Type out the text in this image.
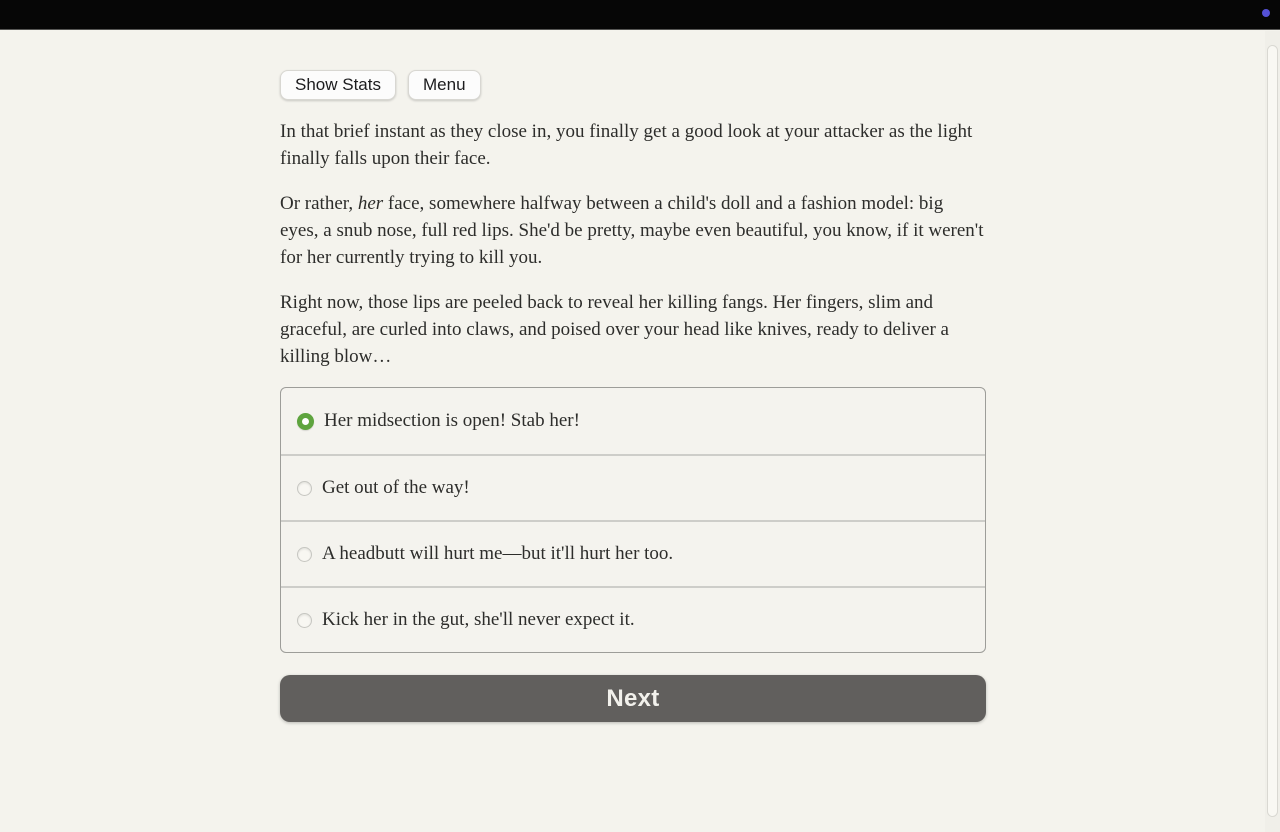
Show Stats	Menu

In that brief instant as they close in, you finally get a good look at your attacker as the light finally falls upon their face.

Or rather, her face, somewhere halfway between a child's doll and a fashion model: big eyes, a snub nose, full red lips. She'd be pretty, maybe even beautiful, you know, if it weren't for her currently trying to kill you.

Right now, those lips are peeled back to reveal her killing fangs. Her fingers, slim and graceful, are curled into claws, and poised over your head like knives, ready to deliver a killing blow…

Her midsection is open! Stab her!
Get out of the way!
A headbutt will hurt me—but it'll hurt her too.
Kick her in the gut, she'll never expect it.
Next
